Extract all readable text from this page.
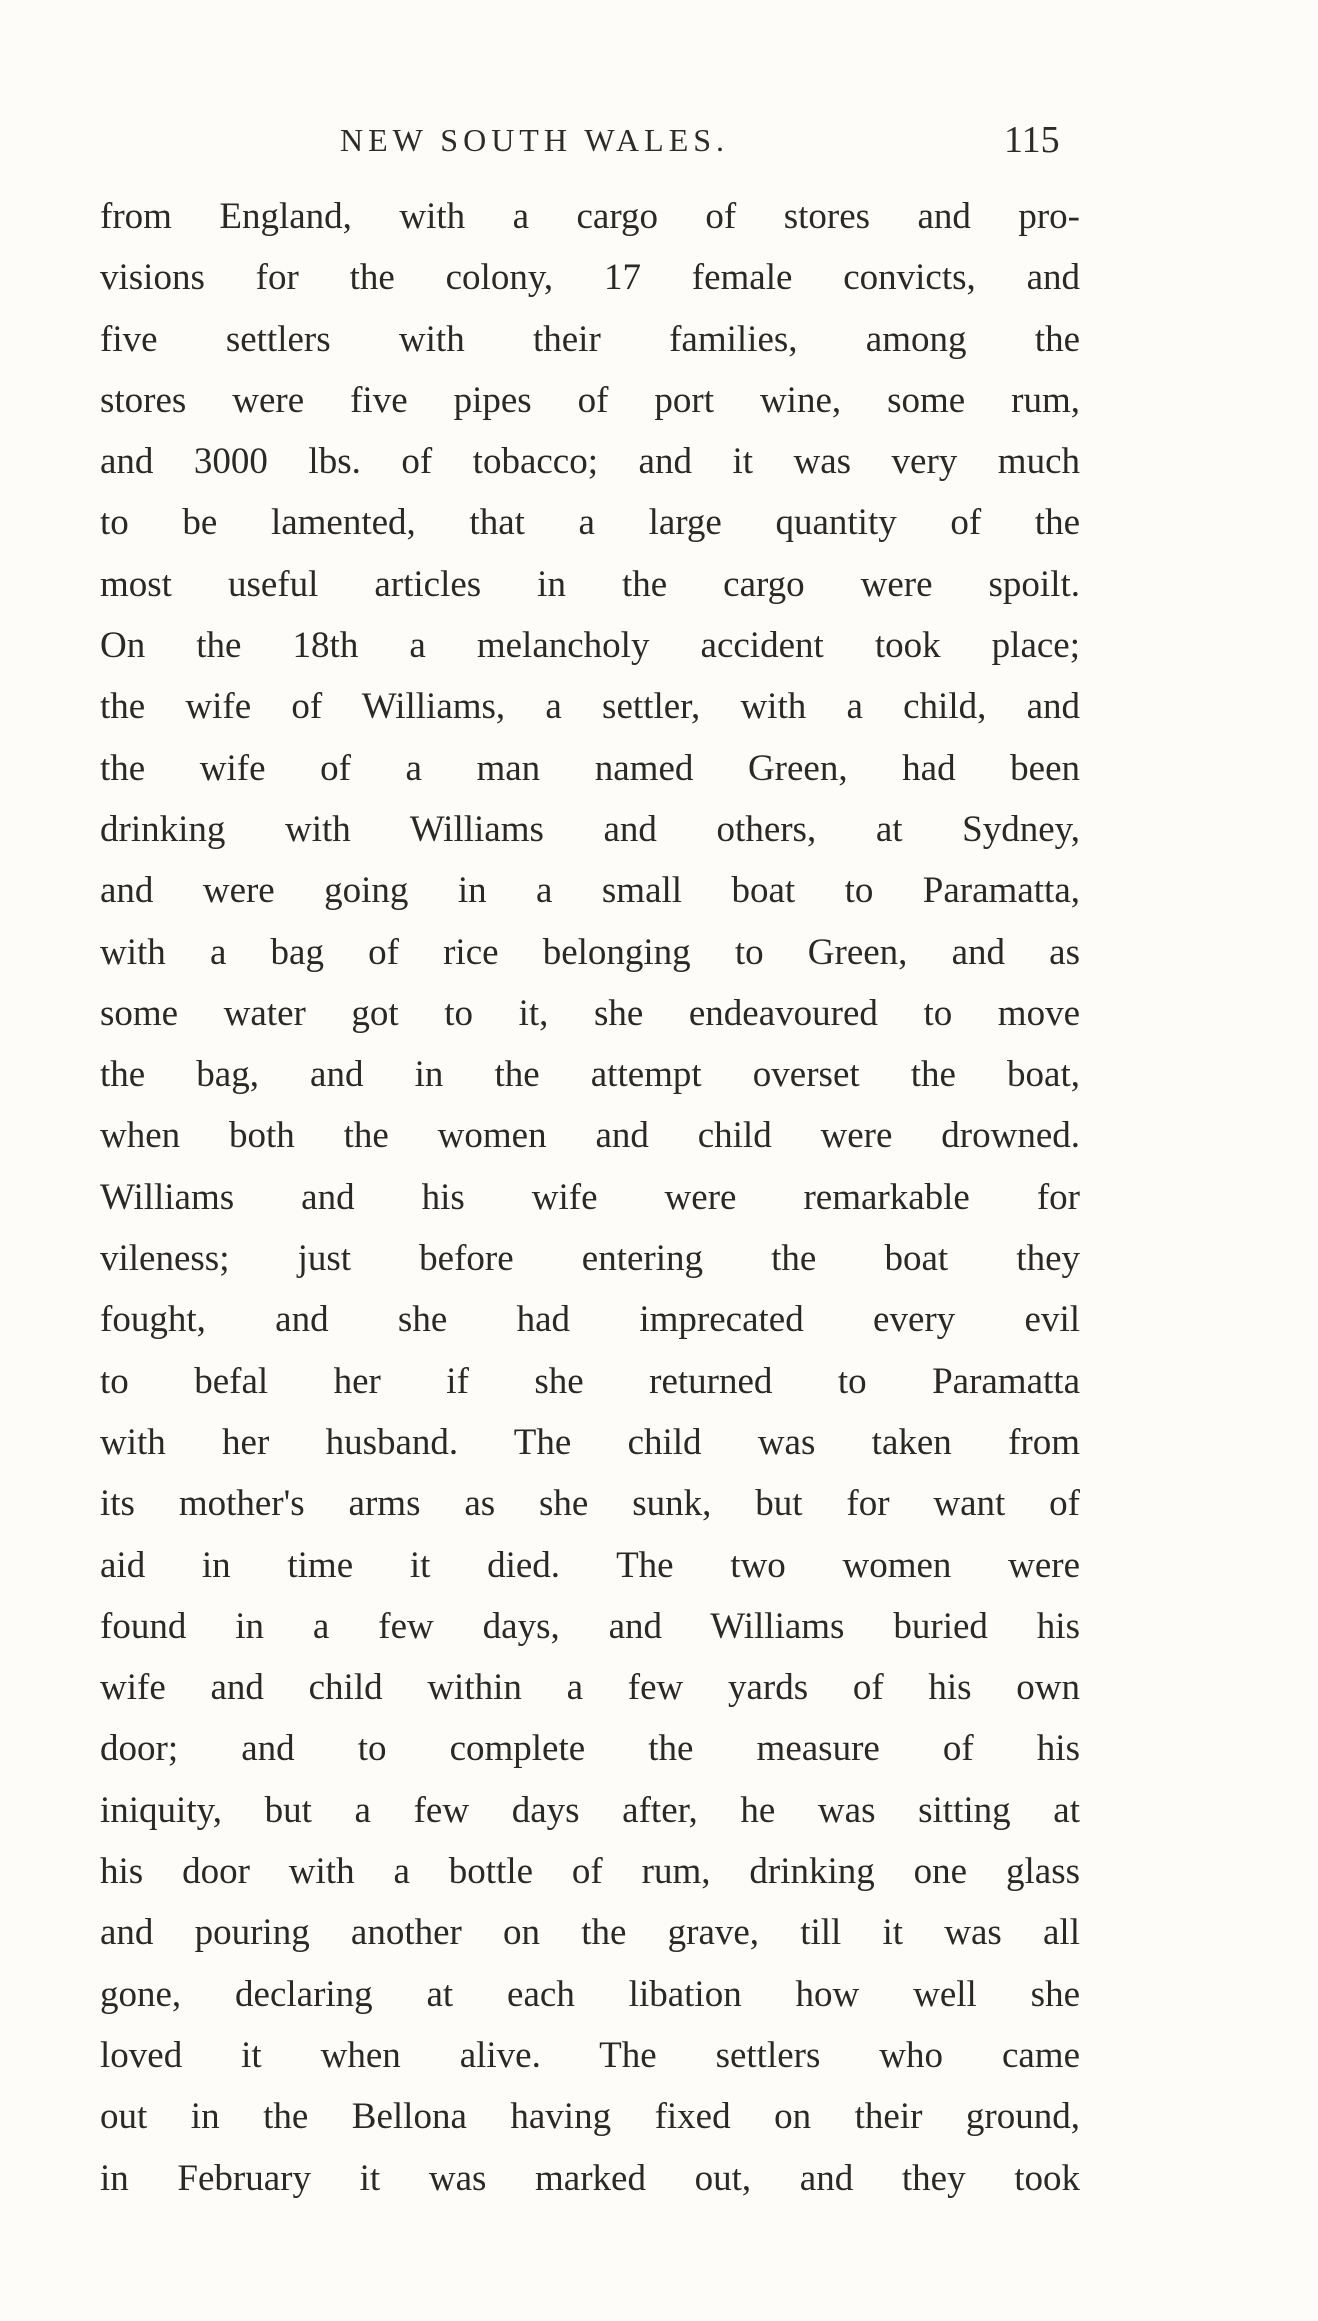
NEW SOUTH WALES.	115
from England, with a cargo of stores and pro-
visions for the colony, 17 female convicts, and
five settlers with their families, among the
stores were five pipes of port wine, some rum,
and 3000 lbs. of tobacco; and it was very much
to be lamented, that a large quantity of the
most useful articles in the cargo were spoilt.
On the 18th a melancholy accident took place;
the wife of Williams, a settler, with a child, and
the wife of a man named Green, had been
drinking with Williams and others, at Sydney,
and were going in a small boat to Paramatta,
with a bag of rice belonging to Green, and as
some water got to it, she endeavoured to move
the bag, and in the attempt overset the boat,
when both the women and child were drowned.
Williams and his wife were remarkable for
vileness; just before entering the boat they
fought, and she had imprecated every evil
to befal her if she returned to Paramatta
with her husband. The child was taken from
its mother's arms as she sunk, but for want of
aid in time it died. The two women were
found in a few days, and Williams buried his
wife and child within a few yards of his own
door; and to complete the measure of his
iniquity, but a few days after, he was sitting at
his door with a bottle of rum, drinking one glass
and pouring another on the grave, till it was all
gone, declaring at each libation how well she
loved it when alive. The settlers who came
out in the Bellona having fixed on their ground,
in February it was marked out, and they took
